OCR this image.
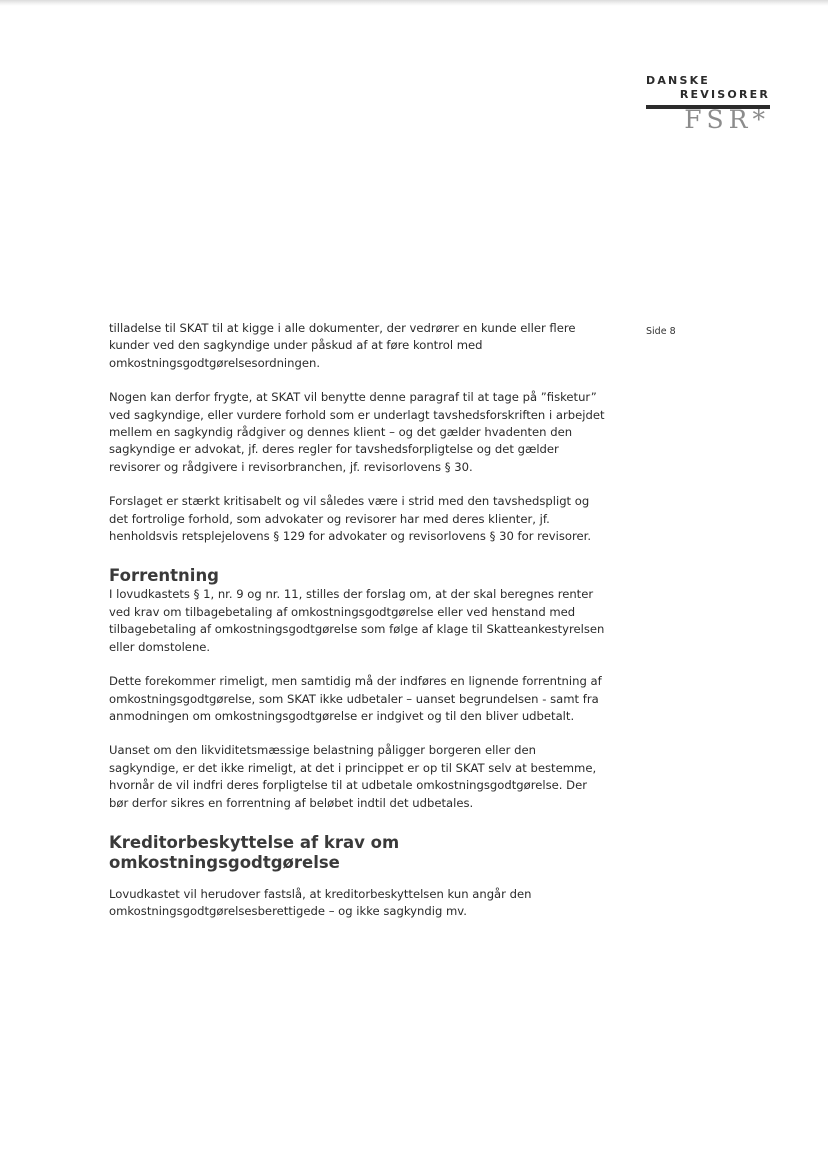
DANSKE
REVISORER
FSR*
Side 8

tilladelse til SKAT til at kigge i alle dokumenter, der vedrører en kunde eller flere kunder ved den sagkyndige under påskud af at føre kontrol med omkostningsgodtgørelsesordningen.

Nogen kan derfor frygte, at SKAT vil benytte denne paragraf til at tage på ”fisketur” ved sagkyndige, eller vurdere forhold som er underlagt tavshedsforskriften i arbejdet mellem en sagkyndig rådgiver og dennes klient – og det gælder hvadenten den sagkyndige er advokat, jf. deres regler for tavshedsforpligtelse og det gælder revisorer og rådgivere i revisorbranchen, jf. revisorlovens § 30.

Forslaget er stærkt kritisabelt og vil således være i strid med den tavshedspligt og det fortrolige forhold, som advokater og revisorer har med deres klienter, jf. henholdsvis retsplejelovens § 129 for advokater og revisorlovens § 30 for revisorer.

Forrentning

I lovudkastets § 1, nr. 9 og nr. 11, stilles der forslag om, at der skal beregnes renter ved krav om tilbagebetaling af omkostningsgodtgørelse eller ved henstand med tilbagebetaling af omkostningsgodtgørelse som følge af klage til Skatteankestyrelsen eller domstolene.

Dette forekommer rimeligt, men samtidig må der indføres en lignende forrentning af omkostningsgodtgørelse, som SKAT ikke udbetaler – uanset begrundelsen - samt fra anmodningen om omkostningsgodtgørelse er indgivet og til den bliver udbetalt.

Uanset om den likviditetsmæssige belastning påligger borgeren eller den sagkyndige, er det ikke rimeligt, at det i princippet er op til SKAT selv at bestemme, hvornår de vil indfri deres forpligtelse til at udbetale omkostningsgodtgørelse. Der bør derfor sikres en forrentning af beløbet indtil det udbetales.

Kreditorbeskyttelse af krav om omkostningsgodtgørelse

Lovudkastet vil herudover fastslå, at kreditorbeskyttelsen kun angår den omkostningsgodtgørelsesberettigede – og ikke sagkyndig mv.
